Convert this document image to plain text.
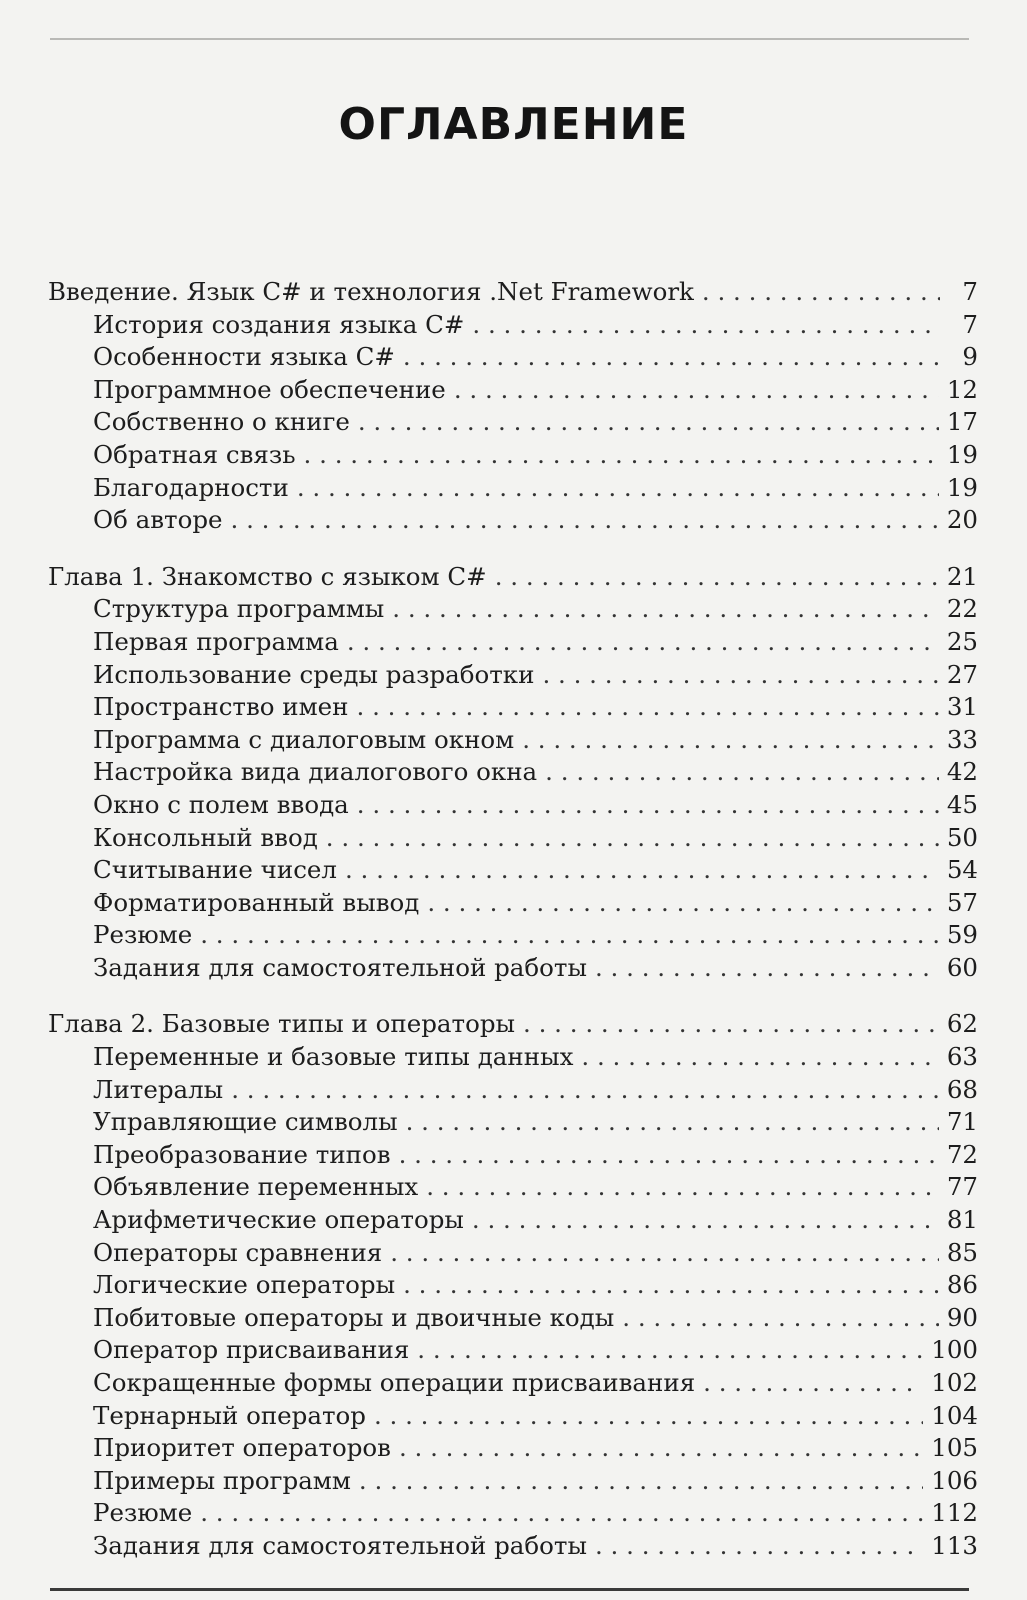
ОГЛАВЛЕНИЕ
Введение. Язык C# и технология .Net Framework . . .	7
История создания языка C# . . .	7
Особенности языка C# . . .	9
Программное обеспечение . . .	12
Собственно о книге . . .	17
Обратная связь . . .	19
Благодарности . . .	19
Об авторе . . .	20
Глава 1. Знакомство с языком C# . . .	21
Структура программы . . .	22
Первая программа . . .	25
Использование среды разработки . . .	27
Пространство имен . . .	31
Программа с диалоговым окном . . .	33
Настройка вида диалогового окна . . .	42
Окно с полем ввода . . .	45
Консольный ввод . . .	50
Считывание чисел . . .	54
Форматированный вывод . . .	57
Резюме . . .	59
Задания для самостоятельной работы . . .	60
Глава 2. Базовые типы и операторы . . .	62
Переменные и базовые типы данных . . .	63
Литералы . . .	68
Управляющие символы . . .	71
Преобразование типов . . .	72
Объявление переменных . . .	77
Арифметические операторы . . .	81
Операторы сравнения . . .	85
Логические операторы . . .	86
Побитовые операторы и двоичные коды . . .	90
Оператор присваивания . . .	100
Сокращенные формы операции присваивания . . .	102
Тернарный оператор . . .	104
Приоритет операторов . . .	105
Примеры программ . . .	106
Резюме . . .	112
Задания для самостоятельной работы . . .	113
